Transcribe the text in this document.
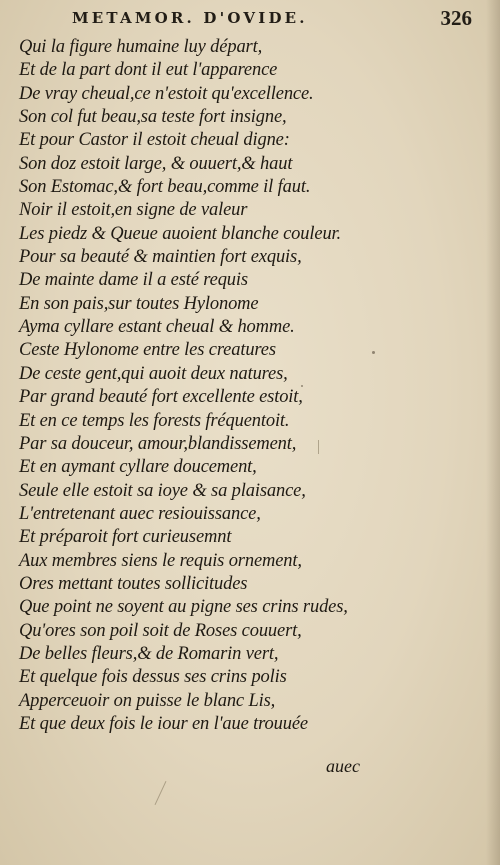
METAMOR. D'OVIDE.	326
Qui la figure humaine luy départ,
Et de la part dont il eut l'apparence
De vray cheual,ce n'estoit qu'excellence.
Son col fut beau,sa teste fort insigne,
Et pour Castor il estoit cheual digne:
Son doz estoit large, & ouuert,& haut
Son Estomac,& fort beau,comme il faut.
Noir il estoit,en signe de valeur
Les piedz & Queue auoient blanche couleur.
Pour sa beauté & maintien fort exquis,
De mainte dame il a esté requis
En son pais,sur toutes Hylonome
Ayma cyllare estant cheual & homme.
Ceste Hylonome entre les creatures
De ceste gent,qui auoit deux natures,
Par grand beauté fort excellente estoit,
Et en ce temps les forests fréquentoit.
Par sa douceur, amour,blandissement,
Et en aymant cyllare doucement,
Seule elle estoit sa ioye & sa plaisance,
L'entretenant auec resiouissance,
Et préparoit fort curieusemnt
Aux membres siens le requis ornement,
Ores mettant toutes sollicitudes
Que point ne soyent au pigne ses crins rudes,
Qu'ores son poil soit de Roses couuert,
De belles fleurs,& de Romarin vert,
Et quelque fois dessus ses crins polis
Apperceuoir on puisse le blanc Lis,
Et que deux fois le iour en l'aue trouuée
auec
